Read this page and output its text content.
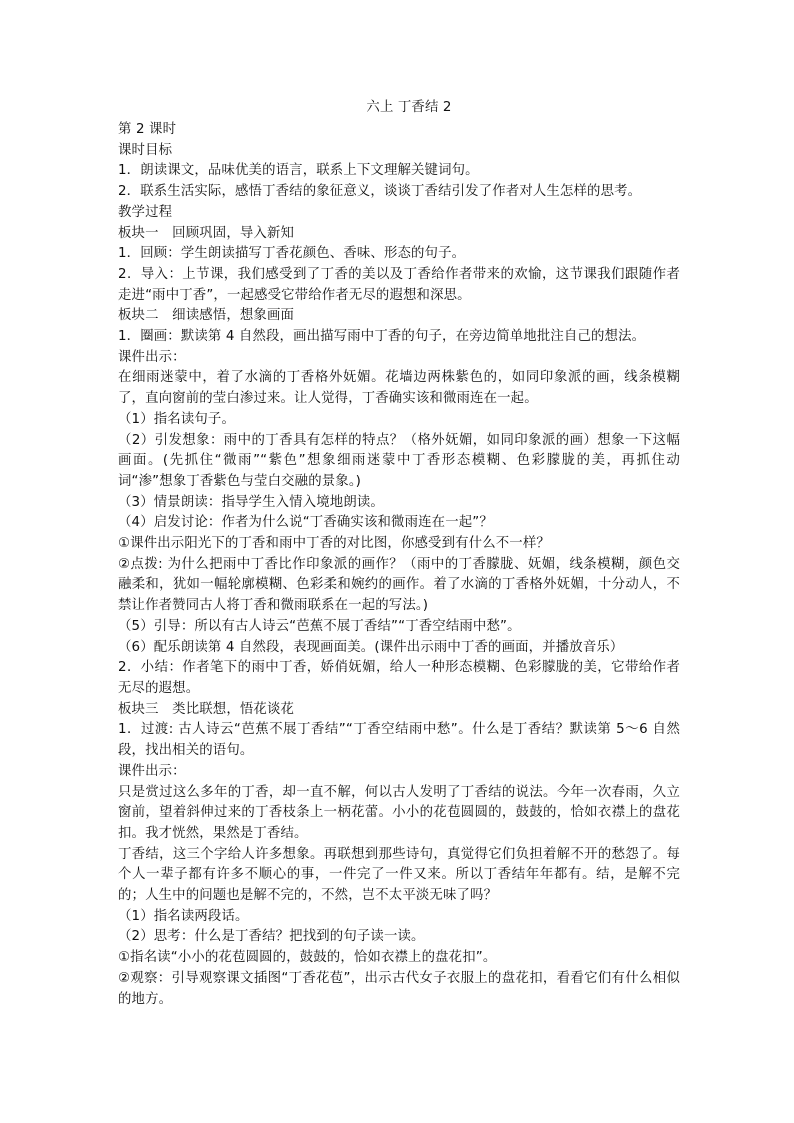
六上 丁香结 2

第 2 课时

课时目标

1．朗读课文，品味优美的语言，联系上下文理解关键词句。

2．联系生活实际，感悟丁香结的象征意义，谈谈丁香结引发了作者对人生怎样的思考。

教学过程

板块一　回顾巩固，导入新知

1．回顾：学生朗读描写丁香花颜色、香味、形态的句子。

2．导入：上节课，我们感受到了丁香的美以及丁香给作者带来的欢愉，这节课我们跟随作者走进“雨中丁香”，一起感受它带给作者无尽的遐想和深思。

板块二　细读感悟，想象画面

1．圈画：默读第 4 自然段，画出描写雨中丁香的句子，在旁边简单地批注自己的想法。

课件出示：

在细雨迷蒙中，着了水滴的丁香格外妩媚。花墙边两株紫色的，如同印象派的画，线条模糊了，直向窗前的莹白渗过来。让人觉得，丁香确实该和微雨连在一起。

（1）指名读句子。

（2）引发想象：雨中的丁香具有怎样的特点？（格外妩媚，如同印象派的画）想象一下这幅画面。(先抓住“微雨”“紫色”想象细雨迷蒙中丁香形态模糊、色彩朦胧的美，再抓住动词“渗”想象丁香紫色与莹白交融的景象。)

（3）情景朗读：指导学生入情入境地朗读。

（4）启发讨论：作者为什么说“丁香确实该和微雨连在一起”？

①课件出示阳光下的丁香和雨中丁香的对比图，你感受到有什么不一样？

②点拨: 为什么把雨中丁香比作印象派的画作？（雨中的丁香朦胧、妩媚，线条模糊，颜色交融柔和，犹如一幅轮廓模糊、色彩柔和婉约的画作。着了水滴的丁香格外妩媚，十分动人，不禁让作者赞同古人将丁香和微雨联系在一起的写法。)

（5）引导：所以有古人诗云“芭蕉不展丁香结”“丁香空结雨中愁”。

（6）配乐朗读第 4 自然段，表现画面美。(课件出示雨中丁香的画面，并播放音乐）

2．小结：作者笔下的雨中丁香，娇俏妩媚，给人一种形态模糊、色彩朦胧的美，它带给作者无尽的遐想。

板块三　类比联想，悟花谈花

1．过渡: 古人诗云“芭蕉不展丁香结”“丁香空结雨中愁”。什么是丁香结？默读第 5～6 自然段，找出相关的语句。

课件出示：

只是赏过这么多年的丁香，却一直不解，何以古人发明了丁香结的说法。今年一次春雨，久立窗前，望着斜伸过来的丁香枝条上一柄花蕾。小小的花苞圆圆的，鼓鼓的，恰如衣襟上的盘花扣。我才恍然，果然是丁香结。

丁香结，这三个字给人许多想象。再联想到那些诗句，真觉得它们负担着解不开的愁怨了。每个人一辈子都有许多不顺心的事，一件完了一件又来。所以丁香结年年都有。结，是解不完的；人生中的问题也是解不完的，不然，岂不太平淡无味了吗？

（1）指名读两段话。

（2）思考：什么是丁香结？把找到的句子读一读。

①指名读“小小的花苞圆圆的，鼓鼓的，恰如衣襟上的盘花扣”。

②观察：引导观察课文插图“丁香花苞”，出示古代女子衣服上的盘花扣，看看它们有什么相似的地方。
